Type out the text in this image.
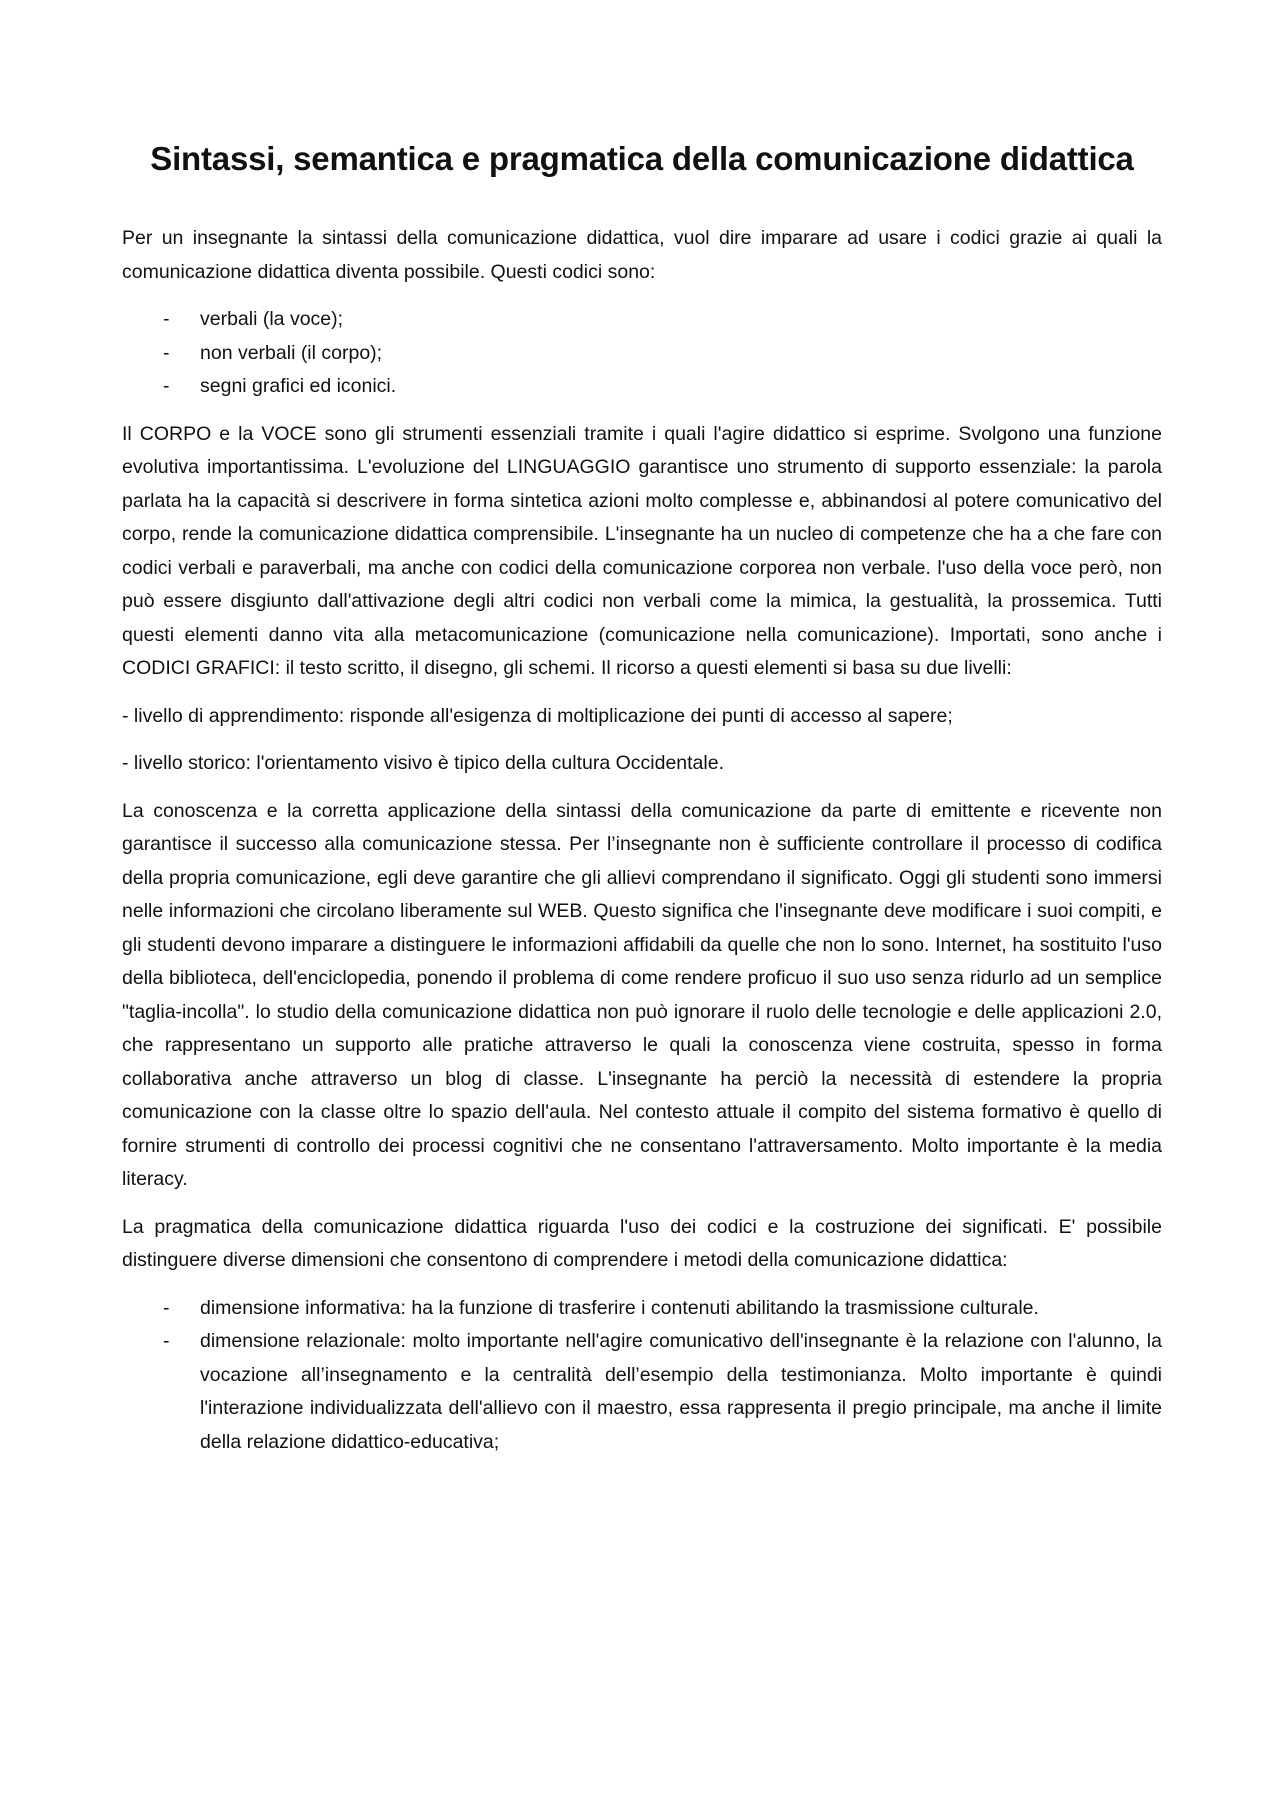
Sintassi, semantica e pragmatica della comunicazione didattica

Per un insegnante la sintassi della comunicazione didattica, vuol dire imparare ad usare i codici grazie ai quali la comunicazione didattica diventa possibile. Questi codici sono:

- verbali (la voce);
- non verbali (il corpo);
- segni grafici ed iconici.

Il CORPO e la VOCE sono gli strumenti essenziali tramite i quali l'agire didattico si esprime. Svolgono una funzione evolutiva importantissima. L'evoluzione del LINGUAGGIO garantisce uno strumento di supporto essenziale: la parola parlata ha la capacità si descrivere in forma sintetica azioni molto complesse e, abbinandosi al potere comunicativo del corpo, rende la comunicazione didattica comprensibile. L'insegnante ha un nucleo di competenze che ha a che fare con codici verbali e paraverbali, ma anche con codici della comunicazione corporea non verbale. l'uso della voce però, non può essere disgiunto dall'attivazione degli altri codici non verbali come la mimica, la gestualità, la prossemica. Tutti questi elementi danno vita alla metacomunicazione (comunicazione nella comunicazione). Importati, sono anche i CODICI GRAFICI: il testo scritto, il disegno, gli schemi. Il ricorso a questi elementi si basa su due livelli:

- livello di apprendimento: risponde all'esigenza di moltiplicazione dei punti di accesso al sapere;

- livello storico: l'orientamento visivo è tipico della cultura Occidentale.

La conoscenza e la corretta applicazione della sintassi della comunicazione da parte di emittente e ricevente non garantisce il successo alla comunicazione stessa. Per l’insegnante non è sufficiente controllare il processo di codifica della propria comunicazione, egli deve garantire che gli allievi comprendano il significato. Oggi gli studenti sono immersi nelle informazioni che circolano liberamente sul WEB. Questo significa che l'insegnante deve modificare i suoi compiti, e gli studenti devono imparare a distinguere le informazioni affidabili da quelle che non lo sono. Internet, ha sostituito l'uso della biblioteca, dell'enciclopedia, ponendo il problema di come rendere proficuo il suo uso senza ridurlo ad un semplice "taglia-incolla". lo studio della comunicazione didattica non può ignorare il ruolo delle tecnologie e delle applicazioni 2.0, che rappresentano un supporto alle pratiche attraverso le quali la conoscenza viene costruita, spesso in forma collaborativa anche attraverso un blog di classe. L'insegnante ha perciò la necessità di estendere la propria comunicazione con la classe oltre lo spazio dell'aula. Nel contesto attuale il compito del sistema formativo è quello di fornire strumenti di controllo dei processi cognitivi che ne consentano l'attraversamento. Molto importante è la media literacy.

La pragmatica della comunicazione didattica riguarda l'uso dei codici e la costruzione dei significati. E' possibile distinguere diverse dimensioni che consentono di comprendere i metodi della comunicazione didattica:

- dimensione informativa: ha la funzione di trasferire i contenuti abilitando la trasmissione culturale.
- dimensione relazionale: molto importante nell'agire comunicativo dell'insegnante è la relazione con l'alunno, la vocazione all’insegnamento e la centralità dell’esempio della testimonianza. Molto importante è quindi l'interazione individualizzata dell'allievo con il maestro, essa rappresenta il pregio principale, ma anche il limite della relazione didattico-educativa;
